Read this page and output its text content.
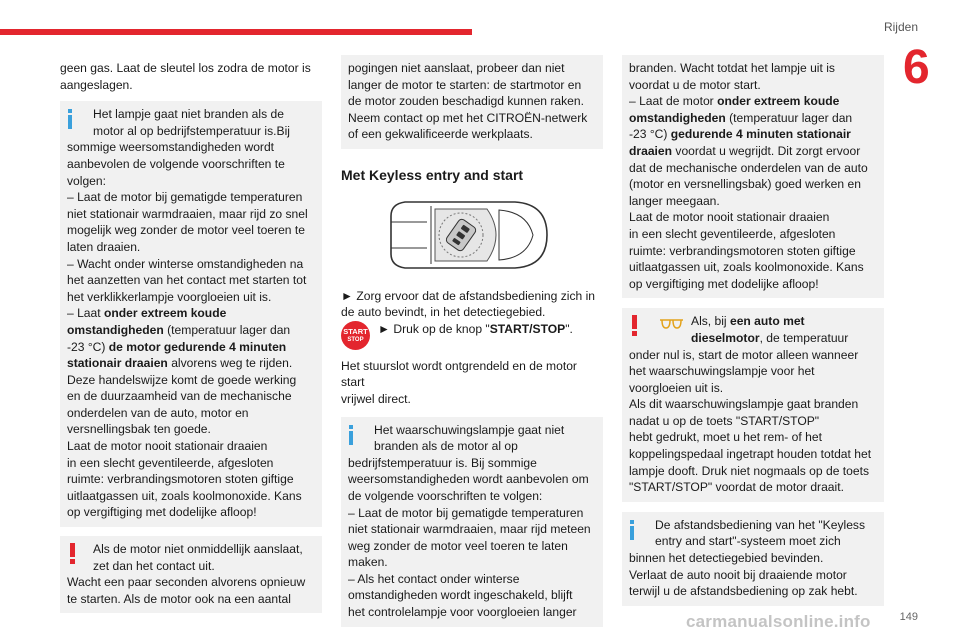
Rijden
6
149

geen gas. Laat de sleutel los zodra de motor is
aangeslagen.

Het lampje gaat niet branden als de
motor al op bedrijfstemperatuur is.Bij
sommige weersomstandigheden wordt
aanbevolen de volgende voorschriften te
volgen:
– Laat de motor bij gematigde temperaturen
niet stationair warmdraaien, maar rijd zo snel
mogelijk weg zonder de motor veel toeren te
laten draaien.
– Wacht onder winterse omstandigheden na
het aanzetten van het contact met starten tot
het verklikkerlampje voorgloeien uit is.
– Laat onder extreem koude
omstandigheden (temperatuur lager dan
-23 °C) de motor gedurende 4 minuten
stationair draaien alvorens weg te rijden.
Deze handelswijze komt de goede werking
en de duurzaamheid van de mechanische
onderdelen van de auto, motor en
versnellingsbak ten goede.
Laat de motor nooit stationair draaien
in een slecht geventileerde, afgesloten
ruimte: verbrandingsmotoren stoten giftige
uitlaatgassen uit, zoals koolmonoxide. Kans
op vergiftiging met dodelijke afloop!
Als de motor niet onmiddellijk aanslaat,
zet dan het contact uit.
Wacht een paar seconden alvorens opnieuw
te starten. Als de motor ook na een aantal
pogingen niet aanslaat, probeer dan niet
langer de motor te starten: de startmotor en
de motor zouden beschadigd kunnen raken.
Neem contact op met het CITROËN-netwerk
of een gekwalificeerde werkplaats.
Met Keyless entry and start

► Zorg ervoor dat de afstandsbediening zich in
de auto bevindt, in het detectiegebied.

START
STOP
► Druk op de knop "START/STOP".

Het stuurslot wordt ontgrendeld en de motor start
vrijwel direct.

Het waarschuwingslampje gaat niet
branden als de motor al op
bedrijfstemperatuur is. Bij sommige
weersomstandigheden wordt aanbevolen om
de volgende voorschriften te volgen:
– Laat de motor bij gematigde temperaturen
niet stationair warmdraaien, maar rijd meteen
weg zonder de motor veel toeren te laten
maken.
– Als het contact onder winterse
omstandigheden wordt ingeschakeld, blijft
het controlelampje voor voorgloeien langer
branden. Wacht totdat het lampje uit is
voordat u de motor start.
– Laat de motor onder extreem koude
omstandigheden (temperatuur lager dan
-23 °C) gedurende 4 minuten stationair
draaien voordat u wegrijdt. Dit zorgt ervoor
dat de mechanische onderdelen van de auto
(motor en versnellingsbak) goed werken en
langer meegaan.
Laat de motor nooit stationair draaien
in een slecht geventileerde, afgesloten
ruimte: verbrandingsmotoren stoten giftige
uitlaatgassen uit, zoals koolmonoxide. Kans
op vergiftiging met dodelijke afloop!
Als, bij een auto met
dieselmotor, de temperatuur
onder nul is, start de motor alleen wanneer
het waarschuwingslampje voor het
voorgloeien uit is.
Als dit waarschuwingslampje gaat branden
nadat u op de toets "START/STOP"
hebt gedrukt, moet u het rem- of het
koppelingspedaal ingetrapt houden totdat het
lampje dooft. Druk niet nogmaals op de toets
"START/STOP" voordat de motor draait.
De afstandsbediening van het "Keyless
entry and start"-systeem moet zich
binnen het detectiegebied bevinden.
Verlaat de auto nooit bij draaiende motor
terwijl u de afstandsbediening op zak hebt.
carmanualsonline.info
